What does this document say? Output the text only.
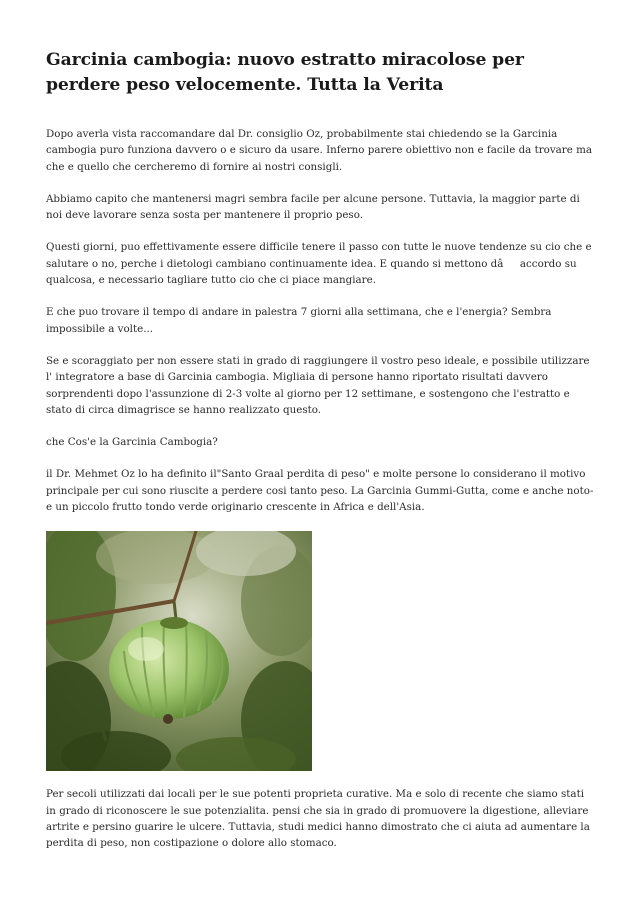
Garcinia cambogia: nuovo estratto miracolose per perdere peso velocemente. Tutta la Verita

Dopo averla vista raccomandare dal Dr. consiglio Oz, probabilmente stai chiedendo se la Garcinia cambogia puro funziona davvero o e sicuro da usare. Inferno parere obiettivo non e facile da trovare ma che e quello che cercheremo di fornire ai nostri consigli.

Abbiamo capito che mantenersi magri sembra facile per alcune persone. Tuttavia, la maggior parte di noi deve lavorare senza sosta per mantenere il proprio peso.

Questi giorni, puo effettivamente essere difficile tenere il passo con tutte le nuove tendenze su cio che e salutare o no, perche i dietologi cambiano continuamente idea. E quando si mettono dâaccordo su qualcosa, e necessario tagliare tutto cio che ci piace mangiare.

E che puo trovare il tempo di andare in palestra 7 giorni alla settimana, che e l'energia? Sembra impossibile a volte...

Se e scoraggiato per non essere stati in grado di raggiungere il vostro peso ideale, e possibile utilizzare l' integratore a base di Garcinia cambogia. Migliaia di persone hanno riportato risultati davvero sorprendenti dopo l'assunzione di 2-3 volte al giorno per 12 settimane, e sostengono che l'estratto e stato di circa dimagrisce se hanno realizzato questo.

che Cos'e la Garcinia Cambogia?

il Dr. Mehmet Oz lo ha definito il"Santo Graal perdita di peso" e molte persone lo considerano il motivo principale per cui sono riuscite a perdere cosi tanto peso. La Garcinia Gummi-Gutta, come e anche noto-e un piccolo frutto tondo verde originario crescente in Africa e dell'Asia.

Per secoli utilizzati dai locali per le sue potenti proprieta curative. Ma e solo di recente che siamo stati in grado di riconoscere le sue potenzialita. pensi che sia in grado di promuovere la digestione, alleviare artrite e persino guarire le ulcere. Tuttavia, studi medici hanno dimostrato che ci aiuta ad aumentare la perdita di peso, non costipazione o dolore allo stomaco.
